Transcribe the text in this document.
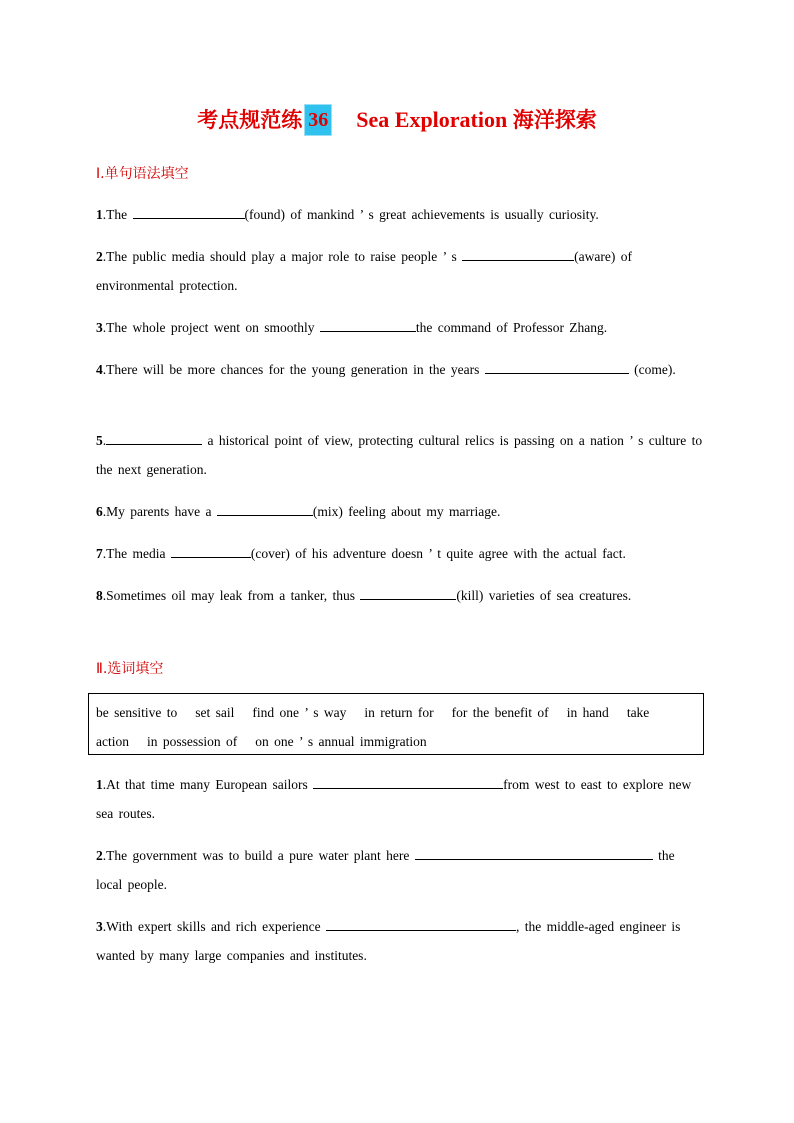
考点规范练 36 Sea Exploration 海洋探索
Ⅰ.单句语法填空
1.The	(found) of mankind ’ s great achievements is usually curiosity.
2.The public media should play a major role to raise people ’ s	(aware) of environmental protection.
3.The whole project went on smoothly	the command of Professor Zhang.
4.There will be more chances for the young generation in the years	(come).
5.	a historical point of view, protecting cultural relics is passing on a nation ’ s culture to the next generation.
6.My parents have a	(mix) feeling about my marriage.
7.The media	(cover) of his adventure doesn ’ t quite agree with the actual fact.
8.Sometimes oil may leak from a tanker, thus	(kill) varieties of sea creatures.
Ⅱ.选词填空
be sensitive to set sail find one ’ s way in return for for the benefit of in hand take action in possession of on one ’ s annual immigration
1.At that time many European sailors	from west to east to explore new sea routes.
2.The government was to build a pure water plant here	the local people.
3.With expert skills and rich experience	, the middle-aged engineer is wanted by many large companies and institutes.
